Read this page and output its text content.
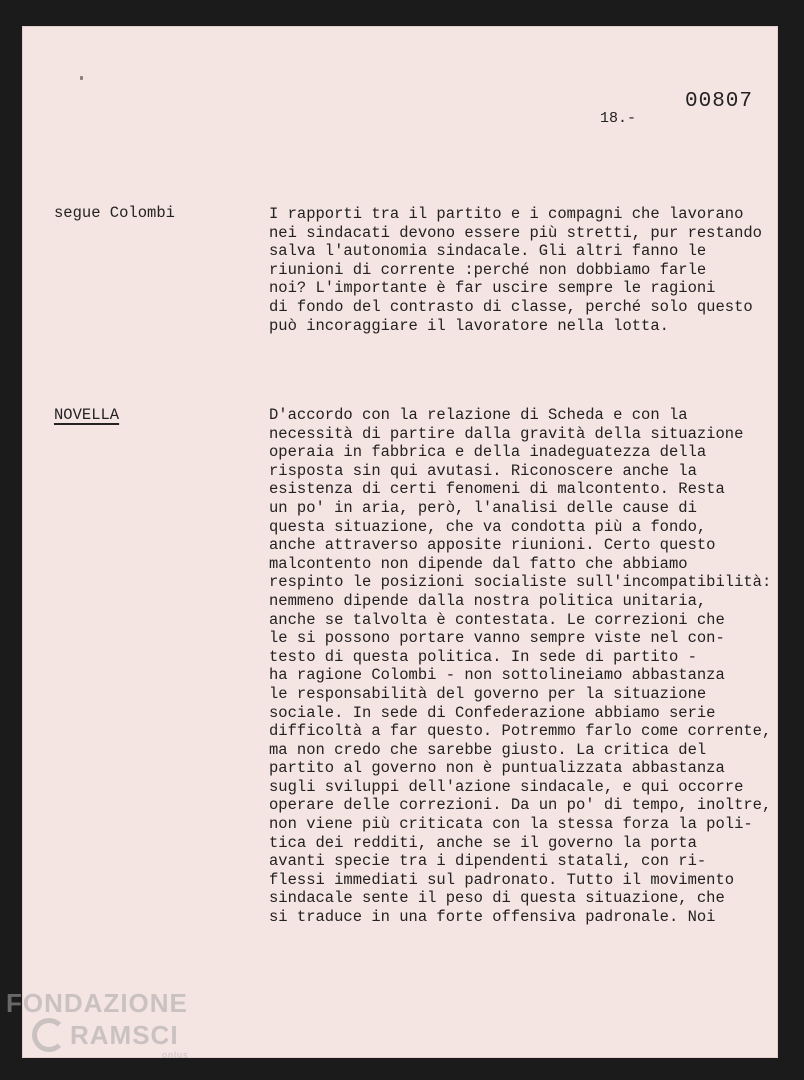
00807
18.-
segue Colombi	I rapporti tra il partito e i compagni che lavorano
nei sindacati devono essere più stretti, pur restando
salva l'autonomia sindacale. Gli altri fanno le
riunioni di corrente :perché non dobbiamo farle
noi? L'importante è far uscire sempre le ragioni
di fondo del contrasto di classe, perché solo questo
può incoraggiare il lavoratore nella lotta.
NOVELLA	D'accordo con la relazione di Scheda e con la
necessità di partire dalla gravità della situazione
operaia in fabbrica e della inadeguatezza della
risposta sin qui avutasi. Riconoscere anche la
esistenza di certi fenomeni di malcontento. Resta
un po' in aria, però, l'analisi delle cause di
questa situazione, che va condotta più a fondo,
anche attraverso apposite riunioni. Certo questo
malcontento non dipende dal fatto che abbiamo
respinto le posizioni socialiste sull'incompatibilità:
nemmeno dipende dalla nostra politica unitaria,
anche se talvolta è contestata. Le correzioni che
le si possono portare vanno sempre viste nel con-
testo di questa politica. In sede di partito -
ha ragione Colombi - non sottolineiamo abbastanza
le responsabilità del governo per la situazione
sociale. In sede di Confederazione abbiamo serie
difficoltà a far questo. Potremmo farlo come corrente,
ma non credo che sarebbe giusto. La critica del
partito al governo non è puntualizzata abbastanza
sugli sviluppi dell'azione sindacale, e qui occorre
operare delle correzioni. Da un po' di tempo, inoltre,
non viene più criticata con la stessa forza la poli-
tica dei redditi, anche se il governo la porta
avanti specie tra i dipendenti statali, con ri-
flessi immediati sul padronato. Tutto il movimento
sindacale sente il peso di questa situazione, che
si traduce in una forte offensiva padronale. Noi
FONDAZIONE
RAMSCI
onlus
